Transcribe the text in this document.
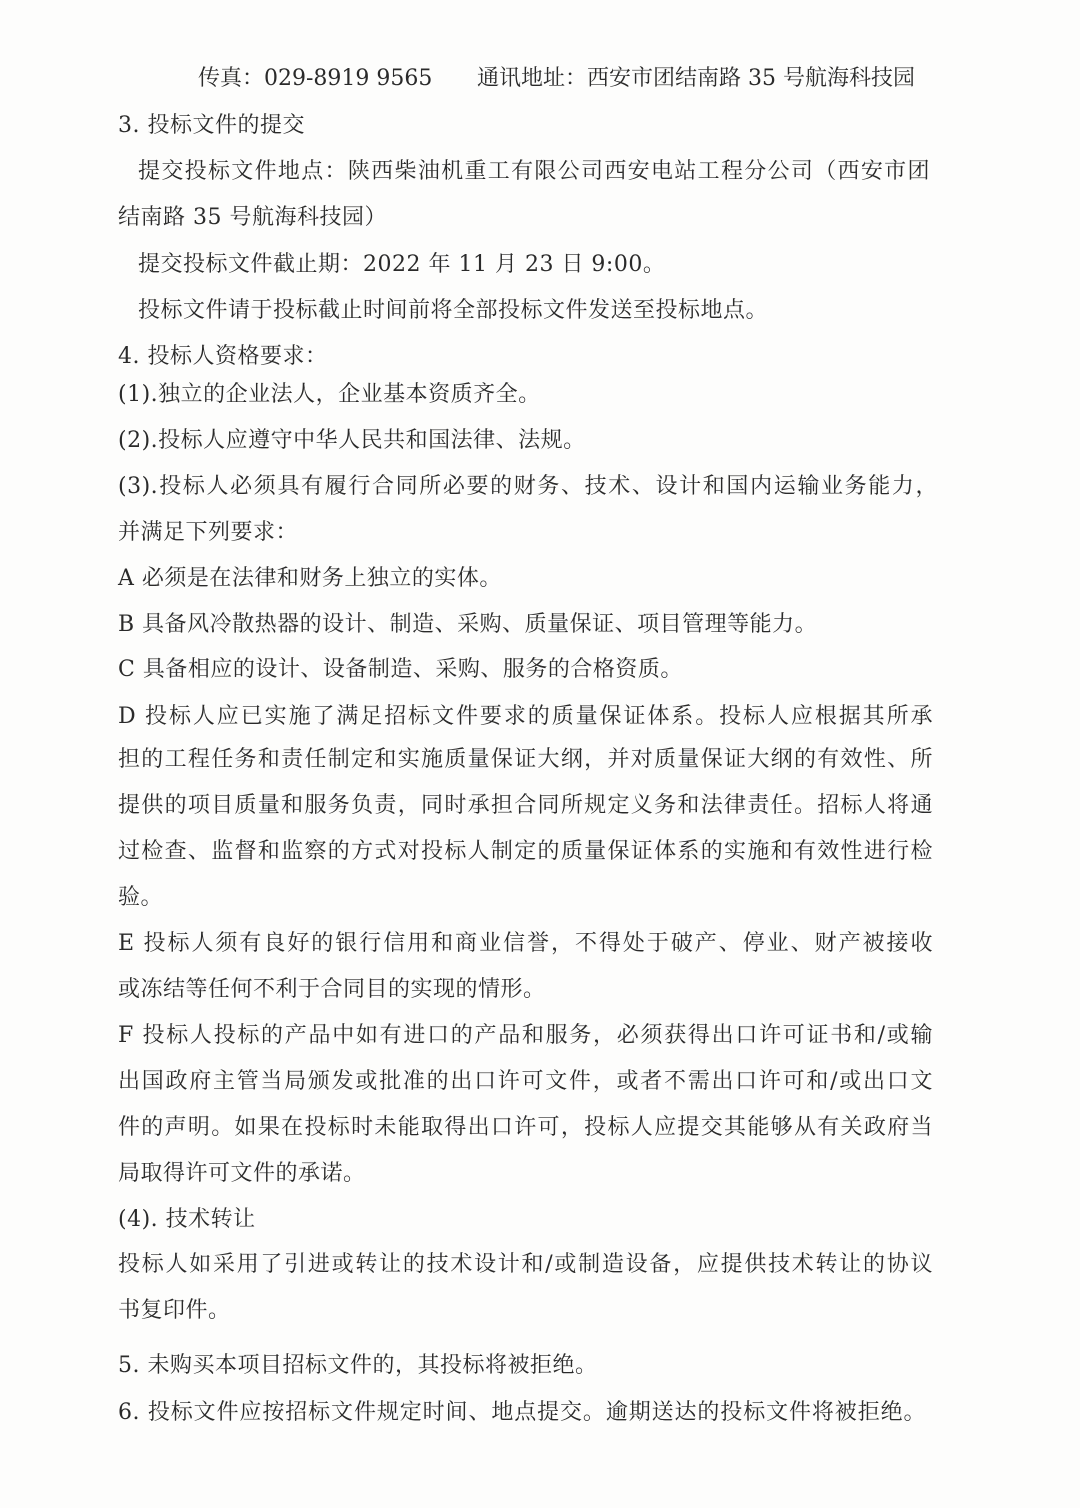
传真：029-8919 9565 通讯地址：西安市团结南路 35 号航海科技园
3. 投标文件的提交
提交投标文件地点：陕西柴油机重工有限公司西安电站工程分公司（西安市团
结南路 35 号航海科技园）
提交投标文件截止期：2022 年 11 月 23 日 9:00。
投标文件请于投标截止时间前将全部投标文件发送至投标地点。
4. 投标人资格要求：
(1).独立的企业法人，企业基本资质齐全。
(2).投标人应遵守中华人民共和国法律、法规。
(3).投标人必须具有履行合同所必要的财务、技术、设计和国内运输业务能力，
并满足下列要求：
A 必须是在法律和财务上独立的实体。
B 具备风冷散热器的设计、制造、采购、质量保证、项目管理等能力。
C 具备相应的设计、设备制造、采购、服务的合格资质。
D 投标人应已实施了满足招标文件要求的质量保证体系。投标人应根据其所承
担的工程任务和责任制定和实施质量保证大纲，并对质量保证大纲的有效性、所
提供的项目质量和服务负责，同时承担合同所规定义务和法律责任。招标人将通
过检查、监督和监察的方式对投标人制定的质量保证体系的实施和有效性进行检
验。
E 投标人须有良好的银行信用和商业信誉，不得处于破产、停业、财产被接收
或冻结等任何不利于合同目的实现的情形。
F 投标人投标的产品中如有进口的产品和服务，必须获得出口许可证书和/或输
出国政府主管当局颁发或批准的出口许可文件，或者不需出口许可和/或出口文
件的声明。如果在投标时未能取得出口许可，投标人应提交其能够从有关政府当
局取得许可文件的承诺。
(4). 技术转让
投标人如采用了引进或转让的技术设计和/或制造设备，应提供技术转让的协议
书复印件。
5. 未购买本项目招标文件的，其投标将被拒绝。
6. 投标文件应按招标文件规定时间、地点提交。逾期送达的投标文件将被拒绝。
